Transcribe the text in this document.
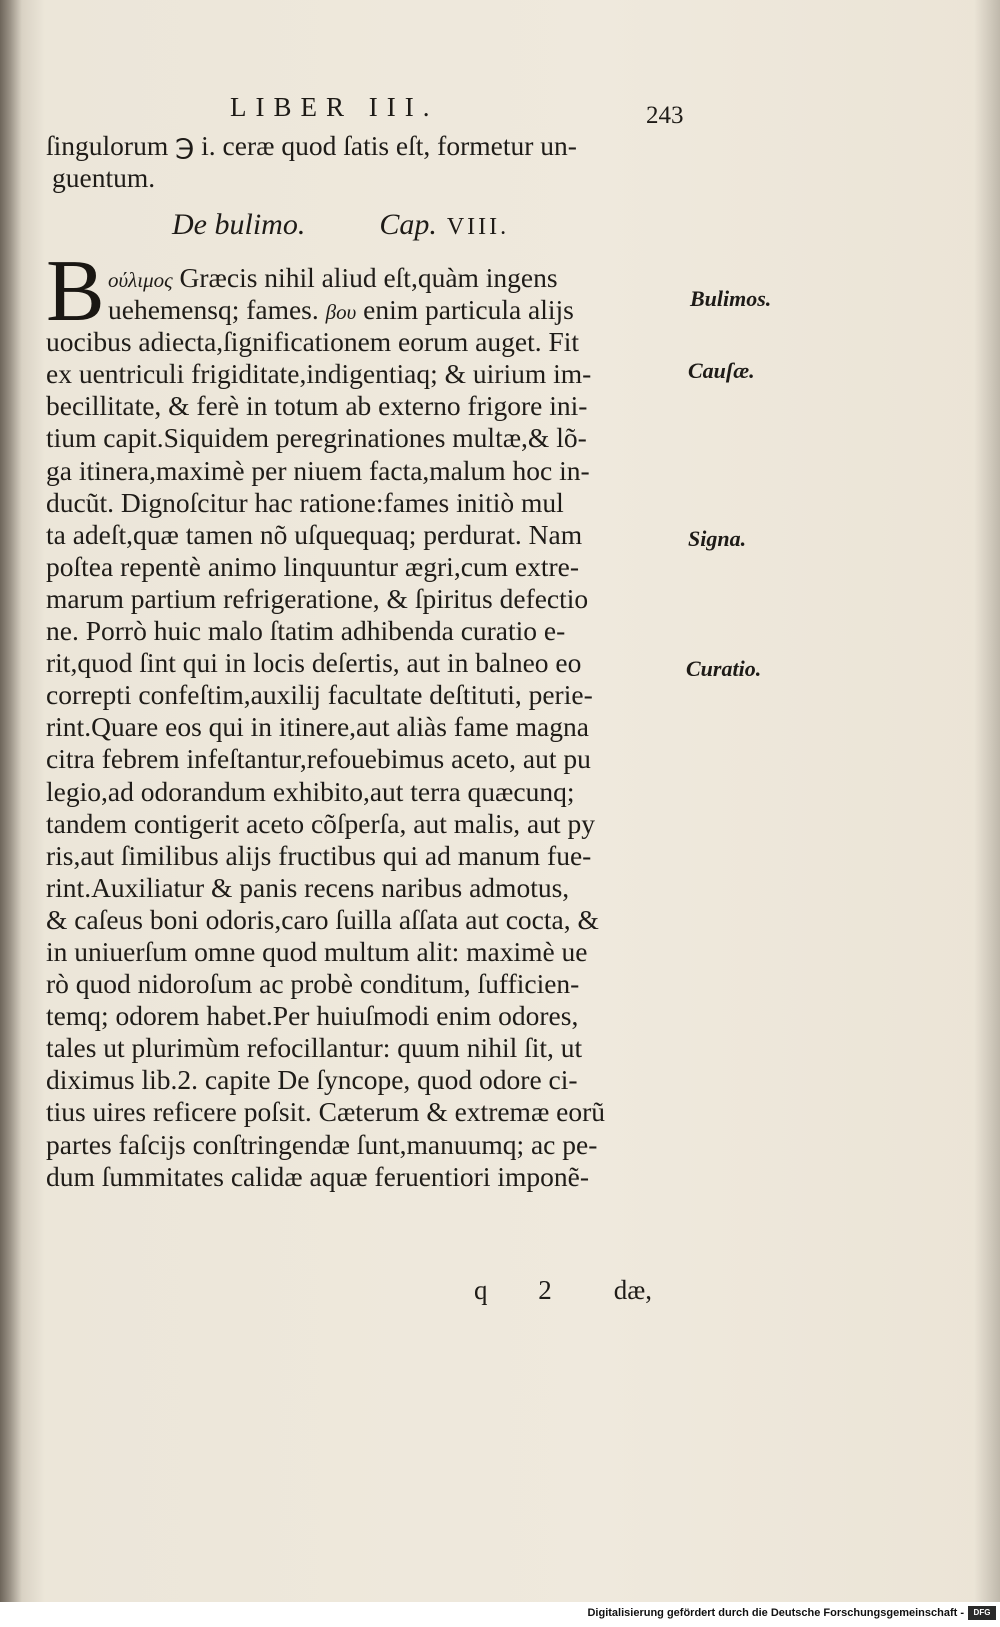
LIBER III.	243
ſingulorum ℈ i. ceræ quod ſatis eſt, formetur un-
guentum.
De bulimo. Cap. VIII.
B ούλιμος Græcis nihil aliud eſt,quàm ingens
uehemensq; fames. βου enim particula alijs
uocibus adiecta,ſignificationem eorum auget. Fit
ex uentriculi frigiditate,indigentiaq; & uirium im-
becillitate, & ferè in totum ab externo frigore ini-
tium capit.Siquidem peregrinationes multæ,& lõ-
ga itinera,maximè per niuem facta,malum hoc in-
ducũt. Dignoſcitur hac ratione:fames initiò mul
ta adeſt,quæ tamen nõ uſquequaq; perdurat. Nam
poſtea repentè animo linquuntur ægri,cum extre-
marum partium refrigeratione, & ſpiritus defectio
ne. Porrò huic malo ſtatim adhibenda curatio e-
rit,quod ſint qui in locis deſertis, aut in balneo eo
correpti confeſtim,auxilij facultate deſtituti, perie-
rint.Quare eos qui in itinere,aut aliàs fame magna
citra febrem infeſtantur,refouebimus aceto, aut pu
legio,ad odorandum exhibito,aut terra quæcunq;
tandem contigerit aceto cõſperſa, aut malis, aut py
ris,aut ſimilibus alijs fructibus qui ad manum fue-
rint.Auxiliatur & panis recens naribus admotus,
& caſeus boni odoris,caro ſuilla aſſata aut cocta, &
in uniuerſum omne quod multum alit: maximè ue
rò quod nidoroſum ac probè conditum, ſufficien-
temq; odorem habet.Per huiuſmodi enim odores,
tales ut plurimùm refocillantur: quum nihil ſit, ut
diximus lib.2. capite De ſyncope, quod odore ci-
tius uires reficere poſsit. Cæterum & extremæ eorũ
partes faſcijs conſtringendæ ſunt,manuumq; ac pe-
dum ſummitates calidæ aquæ feruentiori imponẽ-
Bulimos.
Cauſæ.
Signa.
Curatio.
q 2 dæ,
Digitalisierung gefördert durch die Deutsche Forschungsgemeinschaft -	DFG
